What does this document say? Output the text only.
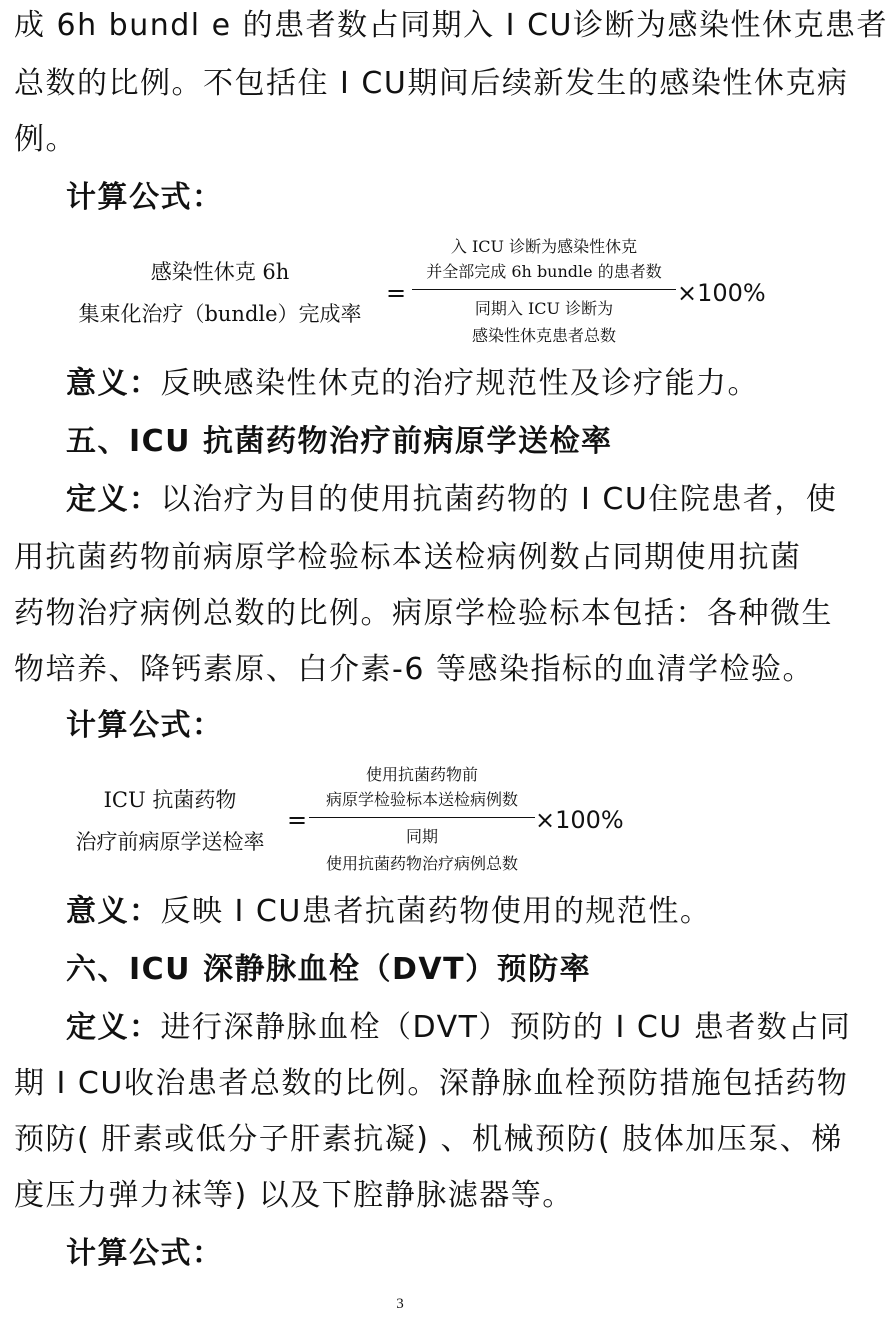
成 6h bundl e 的患者数占同期入 I CU诊断为感染性休克患者
总数的比例。不包括住 I CU期间后续新发生的感染性休克病
例。
计算公式：
感染性休克 6h
集束化治疗（bundle）完成率
=
入 ICU 诊断为感染性休克
并全部完成 6h bundle 的患者数
同期入 ICU 诊断为
感染性休克患者总数
×100%
意义：反映感染性休克的治疗规范性及诊疗能力。
五、ICU 抗菌药物治疗前病原学送检率
定义：以治疗为目的使用抗菌药物的 I CU住院患者，使
用抗菌药物前病原学检验标本送检病例数占同期使用抗菌
药物治疗病例总数的比例。病原学检验标本包括：各种微生
物培养、降钙素原、白介素-6 等感染指标的血清学检验。
计算公式：
ICU 抗菌药物
治疗前病原学送检率
=
使用抗菌药物前
病原学检验标本送检病例数
同期
使用抗菌药物治疗病例总数
×100%
意义：反映 I CU患者抗菌药物使用的规范性。
六、ICU 深静脉血栓（DVT）预防率
定义：进行深静脉血栓（DVT）预防的 I CU 患者数占同
期 I CU收治患者总数的比例。深静脉血栓预防措施包括药物
预防( 肝素或低分子肝素抗凝) 、机械预防( 肢体加压泵、梯
度压力弹力袜等) 以及下腔静脉滤器等。
计算公式：
3
